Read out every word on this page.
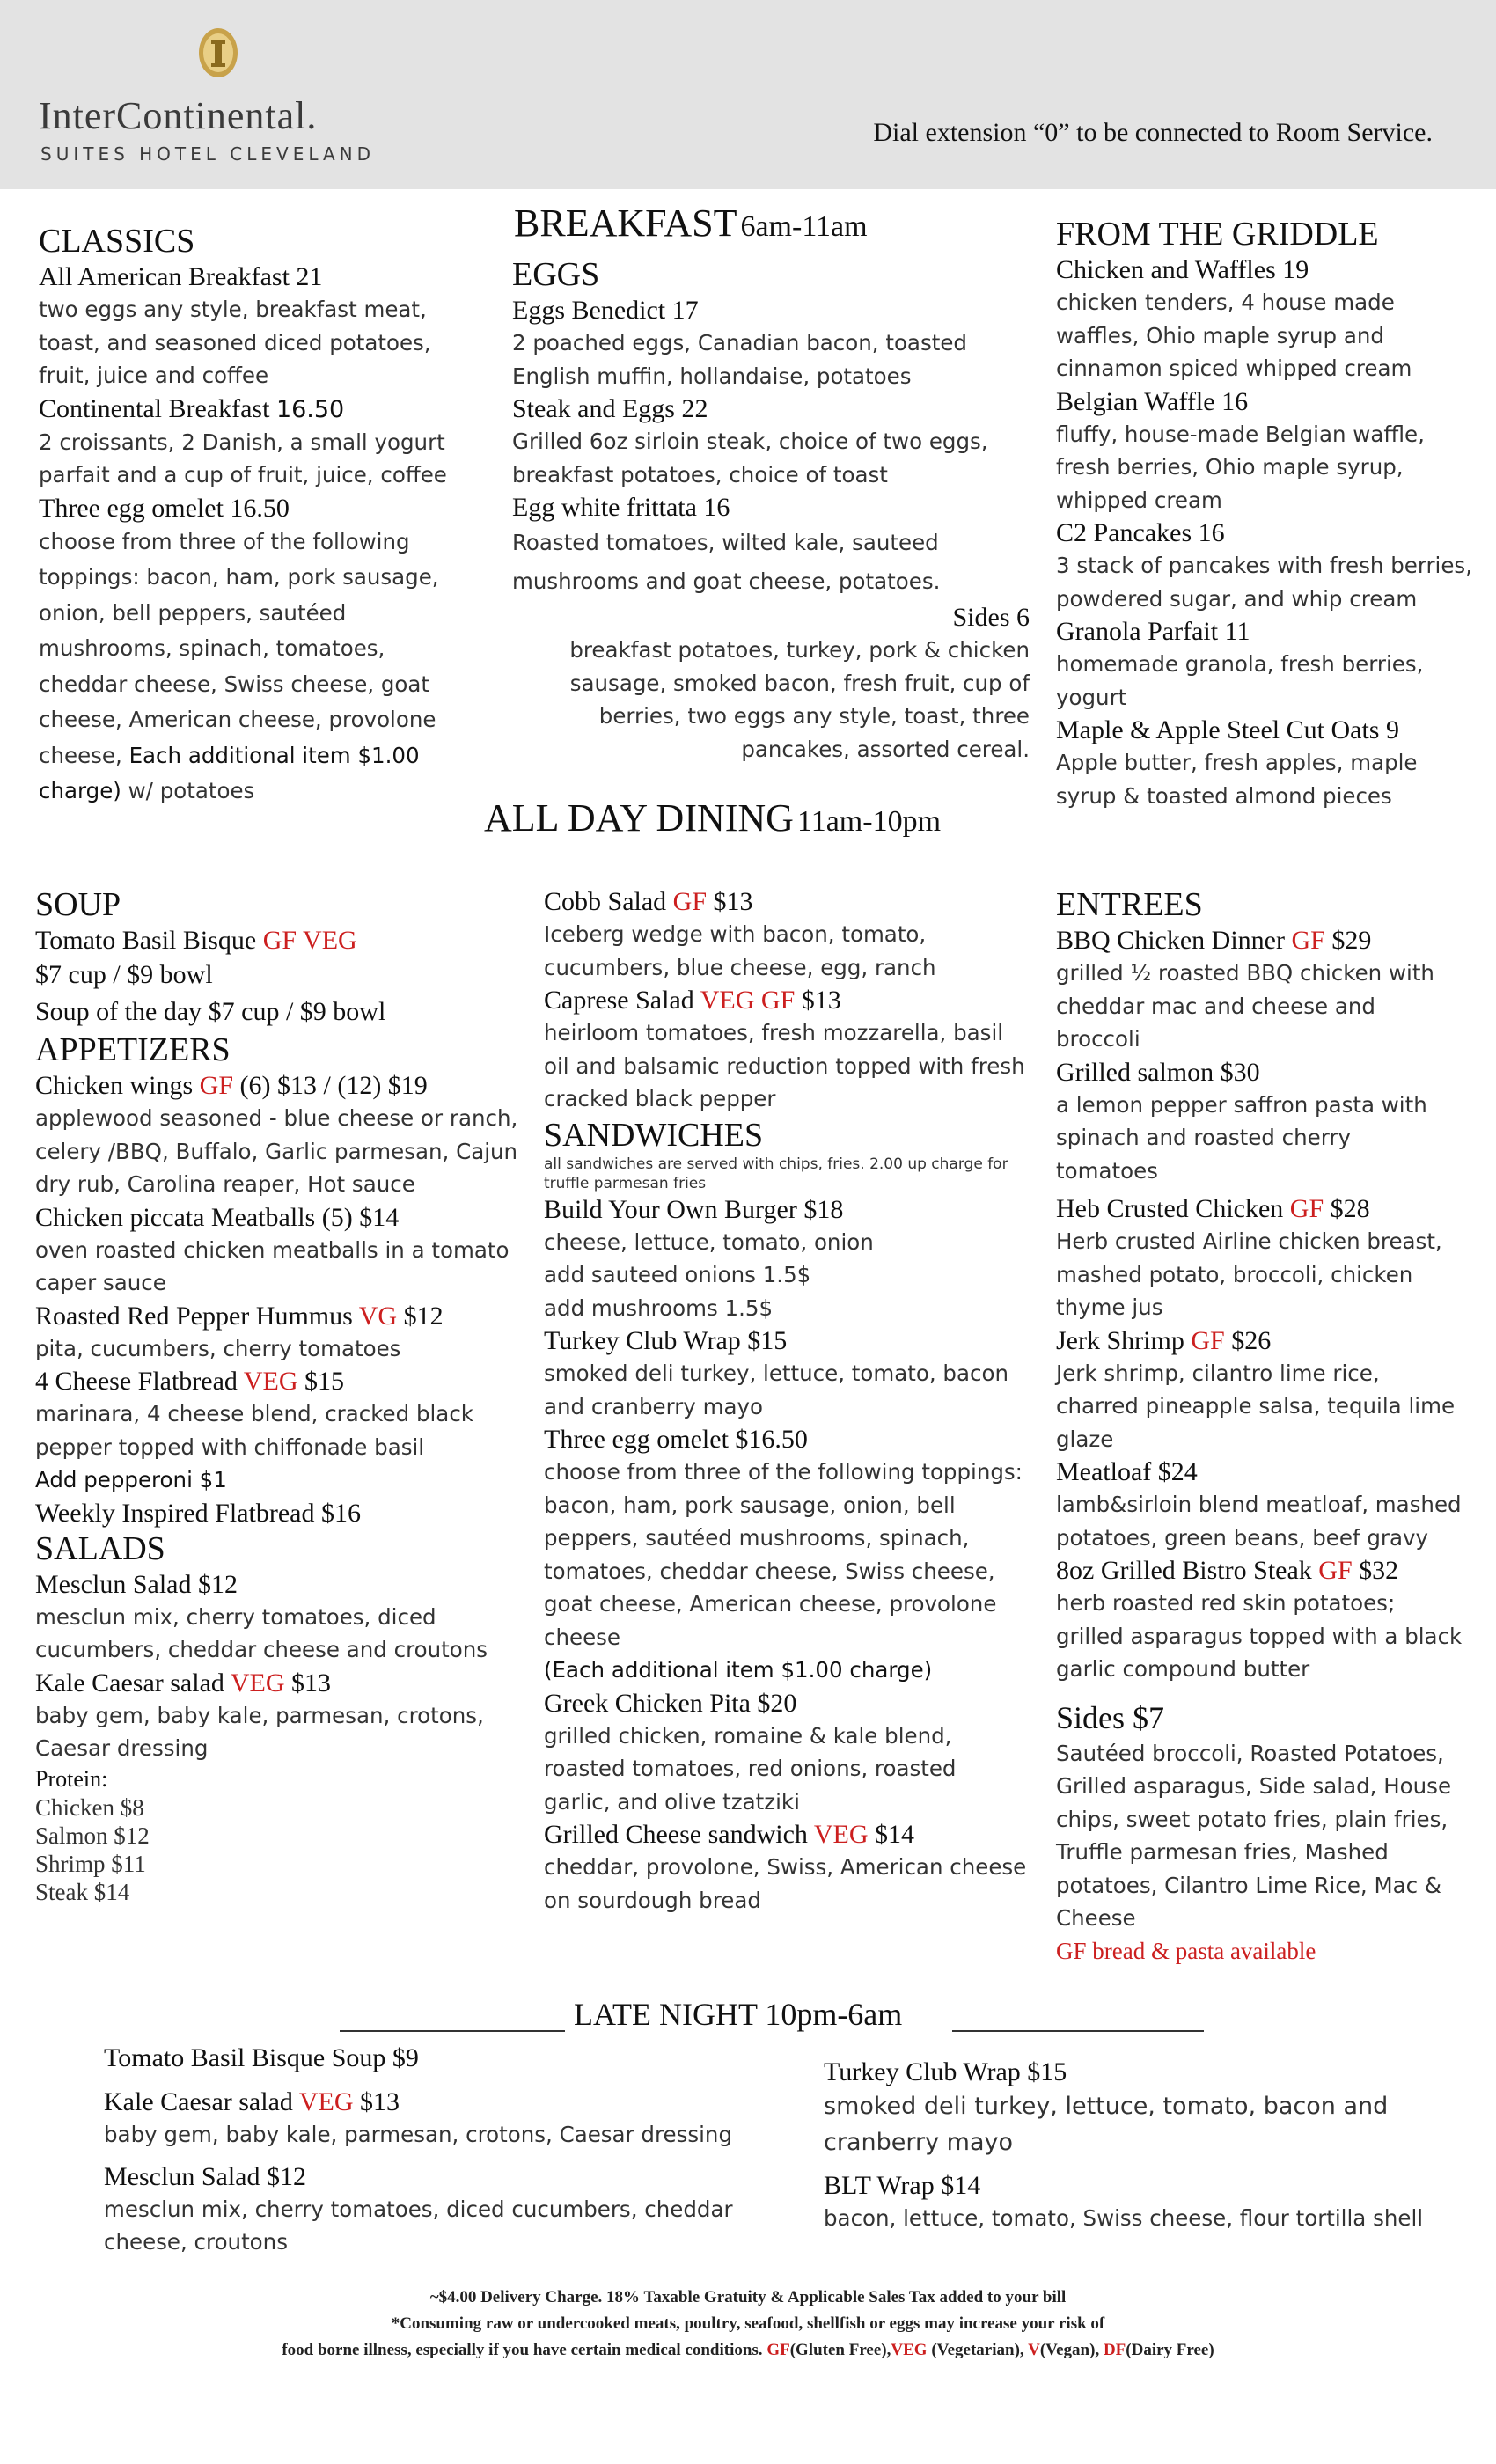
InterContinental.
SUITES HOTEL CLEVELAND
Dial extension “0” to be connected to Room Service.
BREAKFAST 6am-11am

CLASSICS

All American Breakfast 21

two eggs any style, breakfast meat,

toast, and seasoned diced potatoes,

fruit, juice and coffee

Continental Breakfast 16.50

2 croissants, 2 Danish, a small yogurt

parfait and a cup of fruit, juice, coffee

Three egg omelet 16.50

choose from three of the following

toppings: bacon, ham, pork sausage,

onion, bell peppers, sautéed

mushrooms, spinach, tomatoes,

cheddar cheese, Swiss cheese, goat

cheese, American cheese, provolone

cheese, Each additional item $1.00

charge) w/ potatoes

EGGS

Eggs Benedict 17

2 poached eggs, Canadian bacon, toasted

English muffin, hollandaise, potatoes

Steak and Eggs 22

Grilled 6oz sirloin steak, choice of two eggs,

breakfast potatoes, choice of toast

Egg white frittata 16

Roasted tomatoes, wilted kale, sauteed

mushrooms and goat cheese, potatoes.

Sides 6

breakfast potatoes, turkey, pork & chicken

sausage, smoked bacon, fresh fruit, cup of

berries, two eggs any style, toast, three

pancakes, assorted cereal.

FROM THE GRIDDLE

Chicken and Waffles 19

chicken tenders, 4 house made

waffles, Ohio maple syrup and

cinnamon spiced whipped cream

Belgian Waffle 16

fluffy, house-made Belgian waffle,

fresh berries, Ohio maple syrup,

whipped cream

C2 Pancakes 16

3 stack of pancakes with fresh berries,

powdered sugar, and whip cream

Granola Parfait 11

homemade granola, fresh berries,

yogurt

Maple & Apple Steel Cut Oats 9

Apple butter, fresh apples, maple

syrup & toasted almond pieces

ALL DAY DINING 11am-10pm

SOUP

Tomato Basil Bisque GF VEG

$7 cup / $9 bowl

Soup of the day $7 cup / $9 bowl

APPETIZERS

Chicken wings GF (6) $13 / (12) $19

applewood seasoned - blue cheese or ranch,

celery /BBQ, Buffalo, Garlic parmesan, Cajun

dry rub, Carolina reaper, Hot sauce

Chicken piccata Meatballs (5) $14

oven roasted chicken meatballs in a tomato

caper sauce

Roasted Red Pepper Hummus VG $12

pita, cucumbers, cherry tomatoes

4 Cheese Flatbread VEG $15

marinara, 4 cheese blend, cracked black

pepper topped with chiffonade basil

Add pepperoni $1

Weekly Inspired Flatbread $16

SALADS

Mesclun Salad $12

mesclun mix, cherry tomatoes, diced

cucumbers, cheddar cheese and croutons

Kale Caesar salad VEG $13

baby gem, baby kale, parmesan, crotons,

Caesar dressing

Protein:

Chicken $8

Salmon $12

Shrimp $11

Steak $14

Cobb Salad GF $13

Iceberg wedge with bacon, tomato,

cucumbers, blue cheese, egg, ranch

Caprese Salad VEG GF $13

heirloom tomatoes, fresh mozzarella, basil

oil and balsamic reduction topped with fresh

cracked black pepper

SANDWICHES

all sandwiches are served with chips, fries. 2.00 up charge for

truffle parmesan fries

Build Your Own Burger $18

cheese, lettuce, tomato, onion

add sauteed onions 1.5$

add mushrooms 1.5$

Turkey Club Wrap $15

smoked deli turkey, lettuce, tomato, bacon

and cranberry mayo

Three egg omelet $16.50

choose from three of the following toppings:

bacon, ham, pork sausage, onion, bell

peppers, sautéed mushrooms, spinach,

tomatoes, cheddar cheese, Swiss cheese,

goat cheese, American cheese, provolone

cheese

(Each additional item $1.00 charge)

Greek Chicken Pita $20

grilled chicken, romaine & kale blend,

roasted tomatoes, red onions, roasted

garlic, and olive tzatziki

Grilled Cheese sandwich VEG $14

cheddar, provolone, Swiss, American cheese

on sourdough bread

ENTREES

BBQ Chicken Dinner GF $29

grilled ½ roasted BBQ chicken with

cheddar mac and cheese and

broccoli

Grilled salmon $30

a lemon pepper saffron pasta with

spinach and roasted cherry

tomatoes

Heb Crusted Chicken GF $28

Herb crusted Airline chicken breast,

mashed potato, broccoli, chicken

thyme jus

Jerk Shrimp GF $26

Jerk shrimp, cilantro lime rice,

charred pineapple salsa, tequila lime

glaze

Meatloaf $24

lamb&sirloin blend meatloaf, mashed

potatoes, green beans, beef gravy

8oz Grilled Bistro Steak GF $32

herb roasted red skin potatoes;

grilled asparagus topped with a black

garlic compound butter

Sides $7

Sautéed broccoli, Roasted Potatoes,

Grilled asparagus, Side salad, House

chips, sweet potato fries, plain fries,

Truffle parmesan fries, Mashed

potatoes, Cilantro Lime Rice, Mac &

Cheese

GF bread & pasta available

LATE NIGHT 10pm-6am

Tomato Basil Bisque Soup $9

Kale Caesar salad VEG $13

baby gem, baby kale, parmesan, crotons, Caesar dressing

Mesclun Salad $12

mesclun mix, cherry tomatoes, diced cucumbers, cheddar

cheese, croutons

Turkey Club Wrap $15

smoked deli turkey, lettuce, tomato, bacon and

cranberry mayo

BLT Wrap $14

bacon, lettuce, tomato, Swiss cheese, flour tortilla shell

~$4.00 Delivery Charge. 18% Taxable Gratuity & Applicable Sales Tax added to your bill
*Consuming raw or undercooked meats, poultry, seafood, shellfish or eggs may increase your risk of
food borne illness, especially if you have certain medical conditions. GF(Gluten Free),VEG (Vegetarian), V(Vegan), DF(Dairy Free)
